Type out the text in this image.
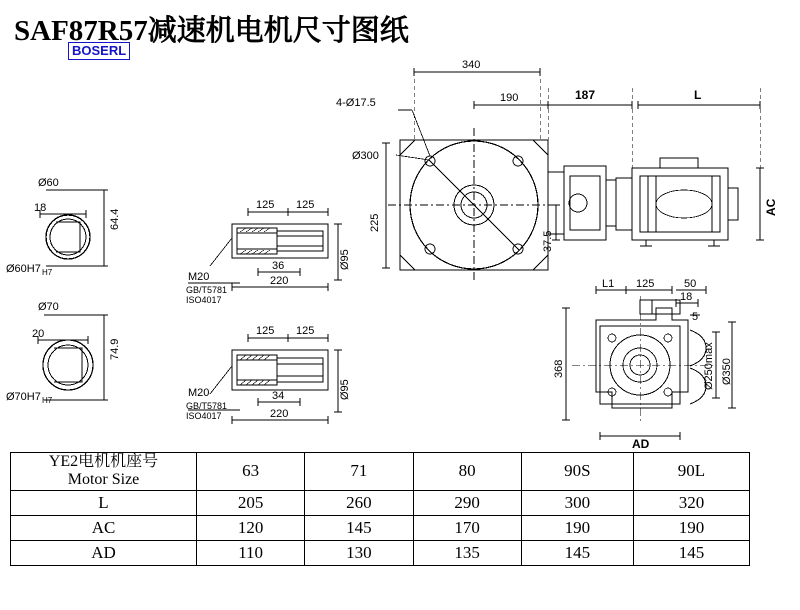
SAF87R57减速机电机尺寸图纸
BOSERL
Ø60
Ø60H7 H7
18
64.4
Ø70
Ø70H7 H7
20
74.9
125 125
36
220
Ø95
M20
GB/T5781
ISO4017
125 125
34
220
Ø95
M20
GB/T5781
ISO4017
340
190	187	L
4-Ø17.5
Ø300
225
37.5
AC
L1 125	50
18
5
368	Ø250max Ø350
AD
YE2电机机座号
Motor Size	63	71	80	90S	90L
L	205	260	290	300	320
AC	120	145	170	190	190
AD	110	130	135	145	145
